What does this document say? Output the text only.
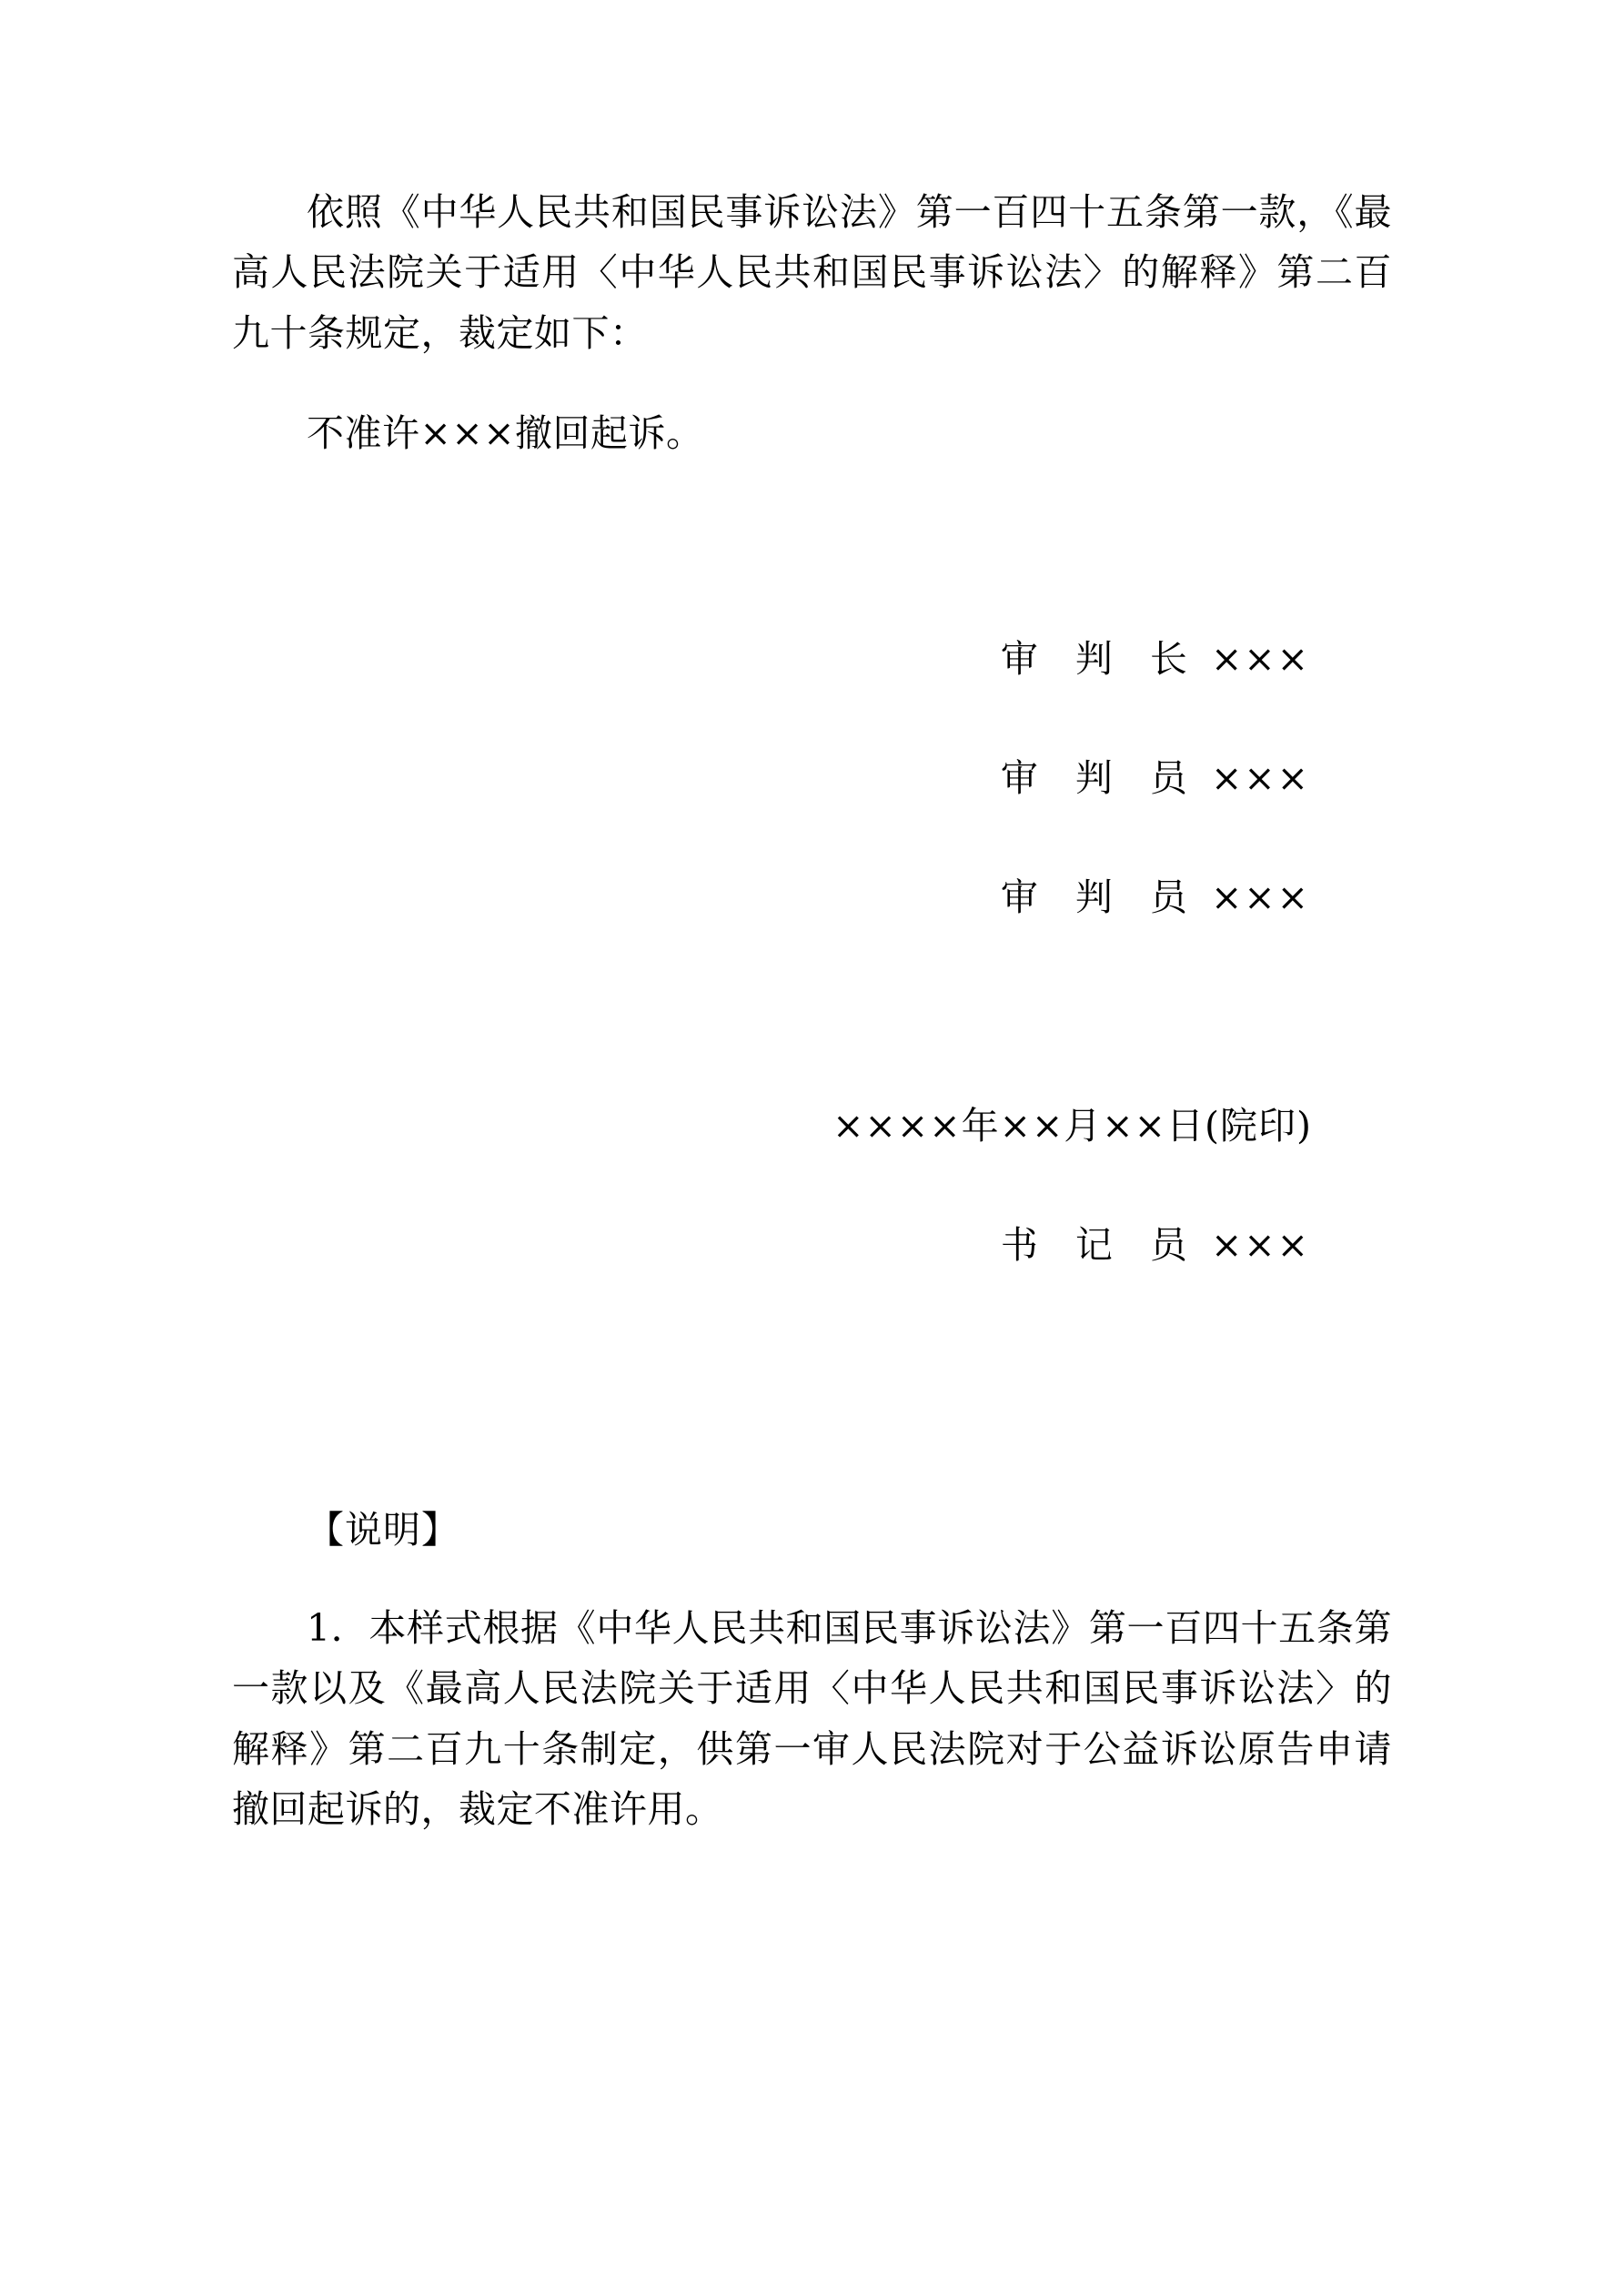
依照《中华人民共和国民事诉讼法》第一百四十五条第一款，《最高人民法院关于适用〈中华人民共和国民事诉讼法〉的解释》第二百九十条规定，裁定如下：

不准许×××撤回起诉。

审 判 长 ×××

审 判 员 ×××

审 判 员 ×××

××××年××月××日(院印)

书 记 员 ×××

【说明】

1．本样式根据《中华人民共和国民事诉讼法》第一百四十五条第一款以及《最高人民法院关于适用〈中华人民共和国民事诉讼法〉的解释》第二百九十条制定，供第一审人民法院对于公益诉讼原告申请撤回起诉的，裁定不准许用。
